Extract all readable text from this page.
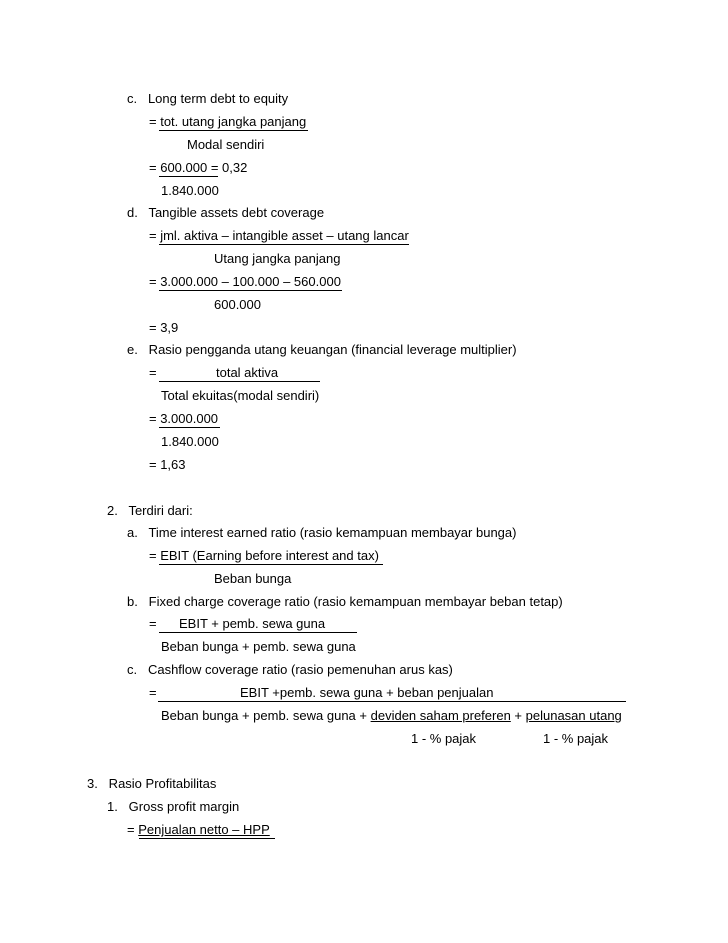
c.   Long term debt to equity
= tot. utang jangka panjang
Modal sendiri
= 600.000 = 0,32
1.840.000
d.   Tangible assets debt coverage
= jml. aktiva – intangible asset – utang lancar
Utang jangka panjang
= 3.000.000 – 100.000 – 560.000
600.000
= 3,9
e.   Rasio pengganda utang keuangan (financial leverage multiplier)
=	total aktiva
Total ekuitas(modal sendiri)
= 3.000.000
1.840.000
= 1,63
2.   Terdiri dari:
a.   Time interest earned ratio (rasio kemampuan membayar bunga)
= EBIT (Earning before interest and tax)
Beban bunga
b.   Fixed charge coverage ratio (rasio kemampuan membayar beban tetap)
= EBIT + pemb. sewa guna
Beban bunga + pemb. sewa guna
c.   Cashflow coverage ratio (rasio pemenuhan arus kas)
=	EBIT +pemb. sewa guna + beban penjualan
Beban bunga + pemb. sewa guna + deviden saham preferen + pelunasan utang
1 - % pajak	1 - % pajak
3.   Rasio Profitabilitas
1.   Gross profit margin
= Penjualan netto – HPP
